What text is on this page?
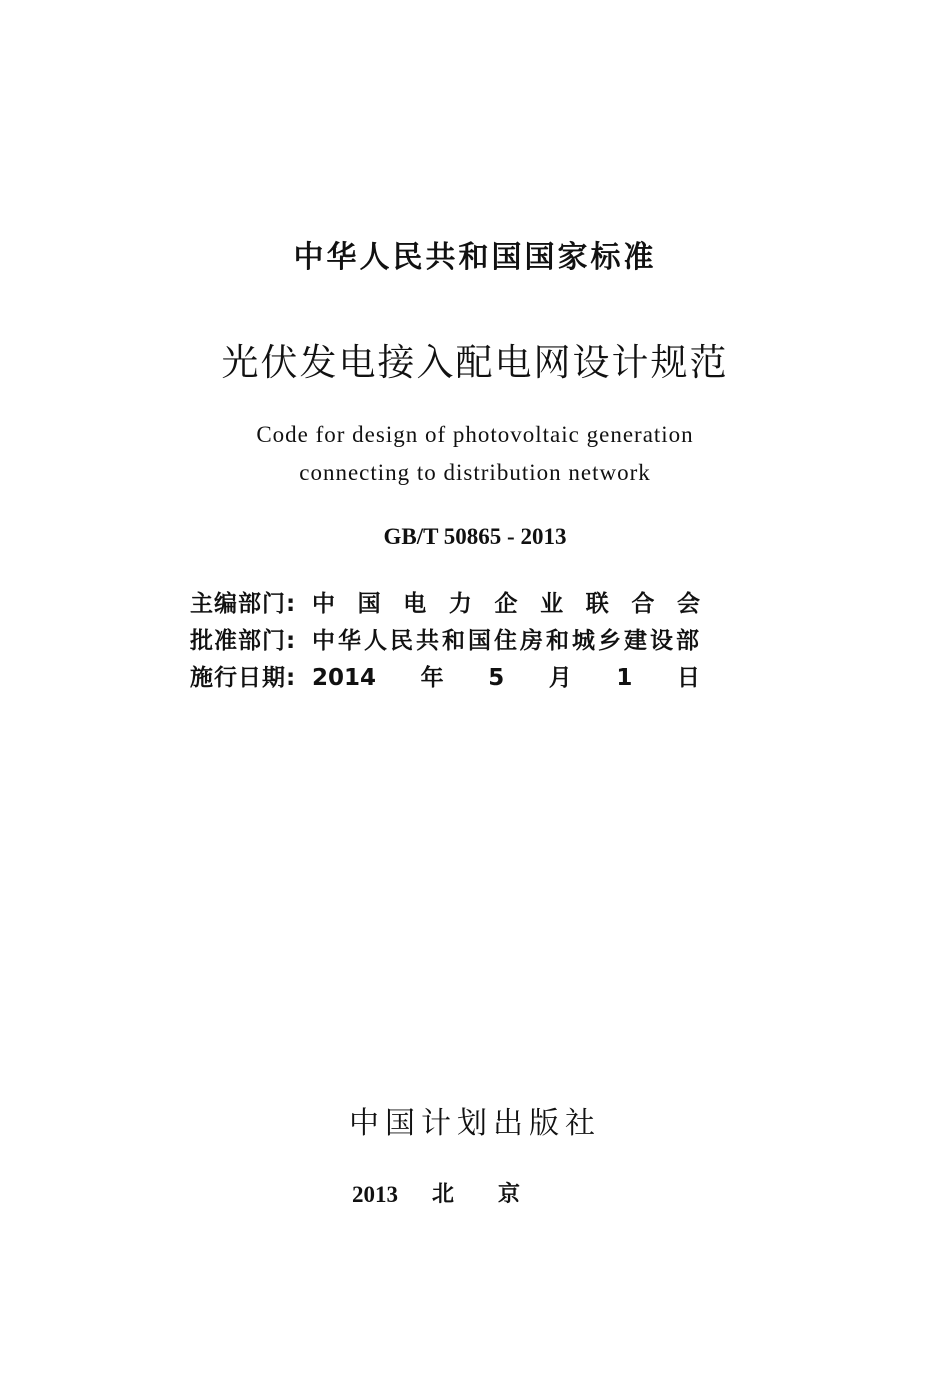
中华人民共和国国家标准
光伏发电接入配电网设计规范
Code for design of photovoltaic generation
connecting to distribution network
GB/T 50865 - 2013
主编部门: 中国电力企业联合会
批准部门: 中华人民共和国住房和城乡建设部
施行日期: 2014年5月1日
中国计划出版社
2013 北京
